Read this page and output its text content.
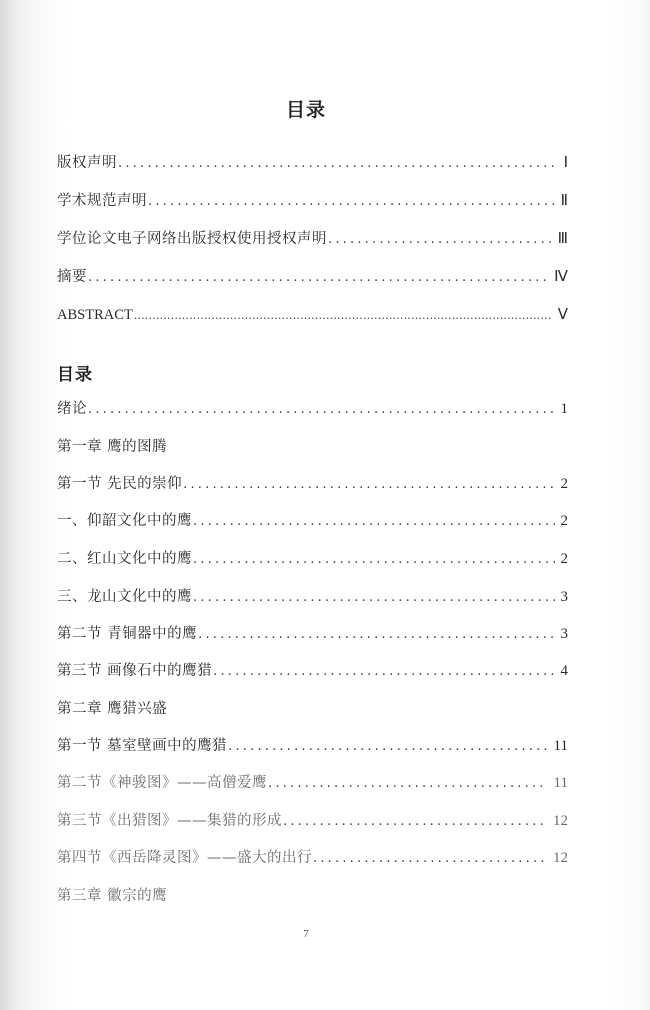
目录
版权声明 .....	Ⅰ
学术规范声明 .....	Ⅱ
学位论文电子网络出版授权使用授权声明 .....	Ⅲ
摘要 .....	Ⅳ
ABSTRACT .....	Ⅴ
目录
绪论 .....	1
第一章 鹰的图腾
第一节 先民的崇仰 .....	2
一、仰韶文化中的鹰 .....	2
二、红山文化中的鹰 .....	2
三、龙山文化中的鹰 .....	3
第二节 青铜器中的鹰 .....	3
第三节 画像石中的鹰猎 .....	4
第二章 鹰猎兴盛
第一节 墓室壁画中的鹰猎 .....	11
第二节《神骏图》——高僧爱鹰 .....	11
第三节《出猎图》——集猎的形成 .....	12
第四节《西岳降灵图》——盛大的出行 .....	12
第三章 徽宗的鹰
7
